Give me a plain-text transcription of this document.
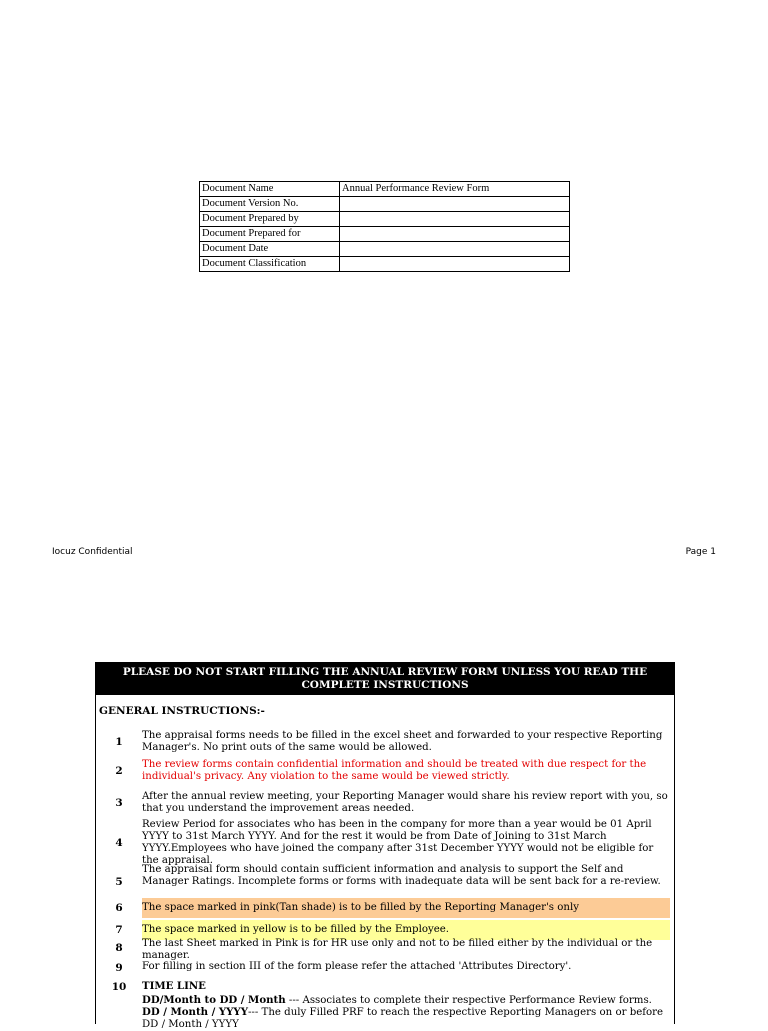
Document Name	Annual Performance Review Form
Document Version No.	
Document Prepared by	
Document Prepared for	
Document Date	
Document Classification	
Iocuz Confidential	Page 1
PLEASE DO NOT START FILLING THE ANNUAL REVIEW FORM UNLESS YOU READ THE COMPLETE INSTRUCTIONS
GENERAL INSTRUCTIONS:-
1
The appraisal forms needs to be filled in the excel sheet and forwarded to your respective Reporting Manager's. No print outs of the same would be allowed.
2
The review forms contain confidential information and should be treated with due respect for the individual's privacy. Any violation to the same would be viewed strictly.
3
After the annual review meeting, your Reporting Manager would share his review report with you, so that you understand the improvement areas needed.
4
Review Period for associates who has been in the company for more than a year would be 01 April YYYY to 31st March YYYY. And for the rest it would be from Date of Joining to 31st March YYYY.Employees who have joined the company after 31st December YYYY would not be eligible for the appraisal.
5
The appraisal form should contain sufficient information and analysis to support the Self and Manager Ratings. Incomplete forms or forms with inadequate data will be sent back for a re-review.
6	The space marked in pink(Tan shade) is to be filled by the Reporting Manager's only
7	The space marked in yellow is to be filled by the Employee.
8	The last Sheet marked in Pink is for HR use only and not to be filled either by the individual or the manager.
9	For filling in section III of the form please refer the attached 'Attributes Directory'.
10	TIME LINE
DD/Month to DD / Month --- Associates to complete their respective Performance Review forms.
DD / Month / YYYY--- The duly Filled PRF to reach the respective Reporting Managers on or before DD / Month / YYYY
